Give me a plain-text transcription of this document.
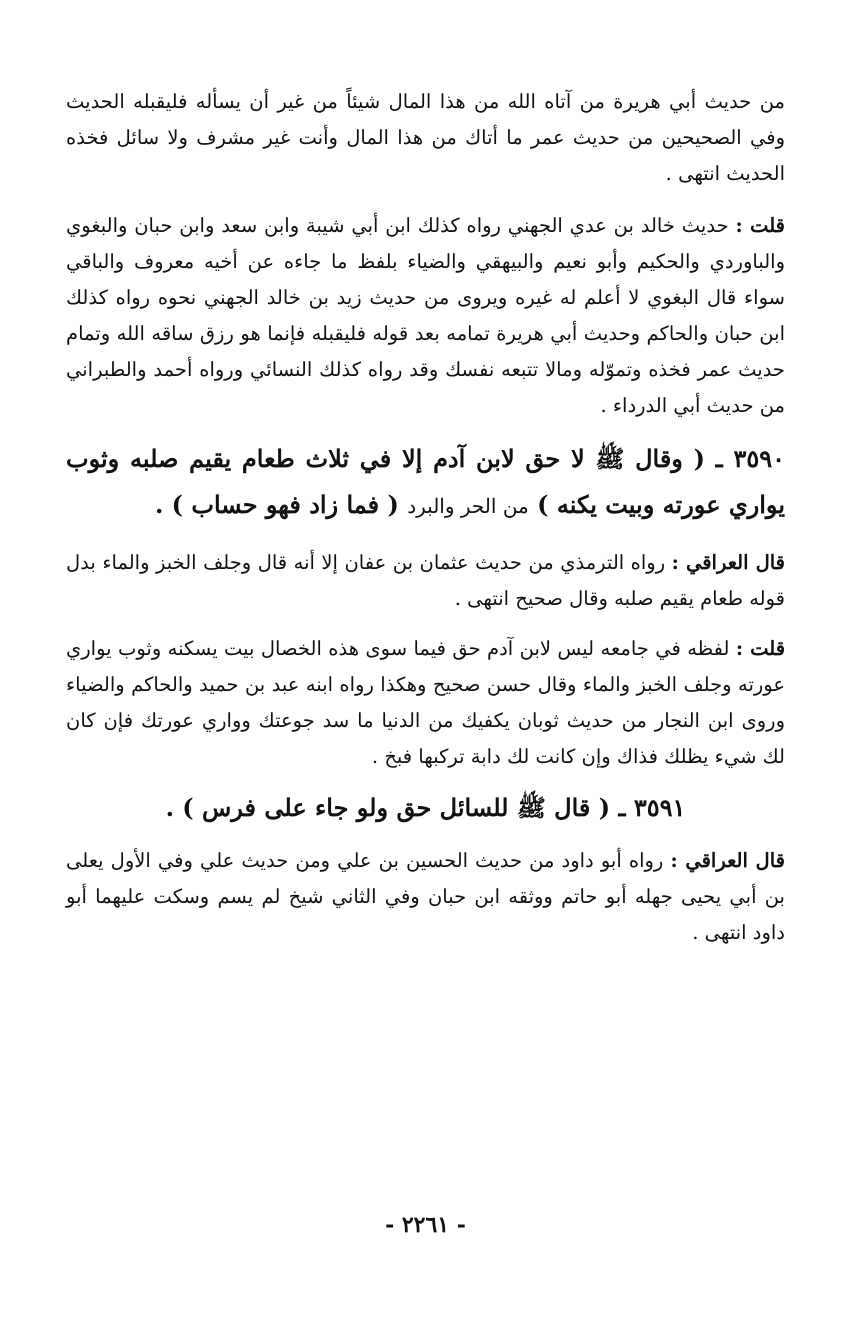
من حديث أبي هريرة من آتاه الله من هذا المال شيئاً من غير أن يسأله فليقبله الحديث وفي الصحيحين من حديث عمر ما أتاك من هذا المال وأنت غير مشرف ولا سائل فخذه الحديث انتهى .

قلت : حديث خالد بن عدي الجهني رواه كذلك ابن أبي شيبة وابن سعد وابن حبان والبغوي والباوردي والحكيم وأبو نعيم والبيهقي والضياء بلفظ ما جاءه عن أخيه معروف والباقي سواء قال البغوي لا أعلم له غيره ويروى من حديث زيد بن خالد الجهني نحوه رواه كذلك ابن حبان والحاكم وحديث أبي هريرة تمامه بعد قوله فليقبله فإنما هو رزق ساقه الله وتمام حديث عمر فخذه وتموّله ومالا تتبعه نفسك وقد رواه كذلك النسائي ورواه أحمد والطبراني من حديث أبي الدرداء .

٣٥٩٠ ـ ( وقال ﷺ لا حق لابن آدم إلا في ثلاث طعام يقيم صلبه وثوب يواري عورته وبيت يكنه ) من الحر والبرد ( فما زاد فهو حساب ) .

قال العراقي : رواه الترمذي من حديث عثمان بن عفان إلا أنه قال وجلف الخبز والماء بدل قوله طعام يقيم صلبه وقال صحيح انتهى .

قلت : لفظه في جامعه ليس لابن آدم حق فيما سوى هذه الخصال بيت يسكنه وثوب يواري عورته وجلف الخبز والماء وقال حسن صحيح وهكذا رواه ابنه عبد بن حميد والحاكم والضياء وروى ابن النجار من حديث ثوبان يكفيك من الدنيا ما سد جوعتك وواري عورتك فإن كان لك شيء يظلك فذاك وإن كانت لك دابة تركبها فبخ .

٣٥٩١ ـ ( قال ﷺ للسائل حق ولو جاء على فرس ) .

قال العراقي : رواه أبو داود من حديث الحسين بن علي ومن حديث علي وفي الأول يعلى بن أبي يحيى جهله أبو حاتم ووثقه ابن حبان وفي الثاني شيخ لم يسم وسكت عليهما أبو داود انتهى .

- ٢٢٦١ -
